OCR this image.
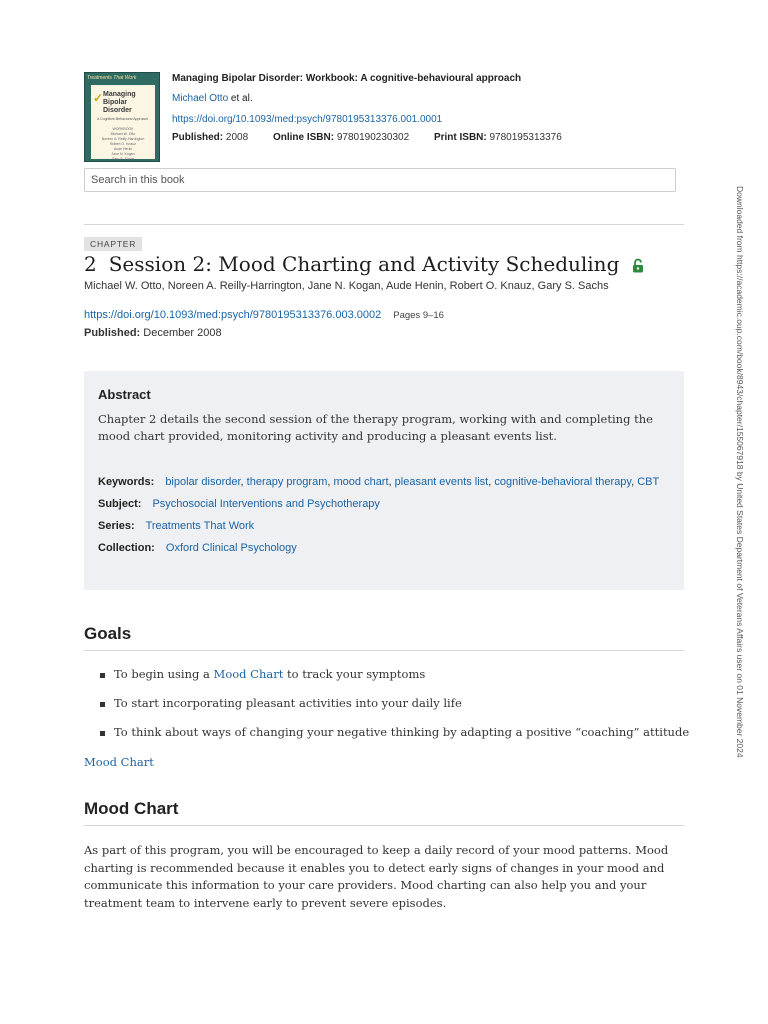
Treatments That Work
✓ Managing Bipolar Disorder
A Cognitive-Behavioral Approach
WORKBOOK
Michael W. Otto
Noreen A. Reilly-Harrington
Robert O. Knauz
Aude Henin
Jane N. Kogan
Gary S. Sachs
Managing Bipolar Disorder: Workbook: A cognitive-behavioural approach
Michael Otto et al.
https://doi.org/10.1093/med:psych/9780195313376.001.0001
Published: 2008 Online ISBN: 9780190230302 Print ISBN: 9780195313376
Search in this book
CHAPTER
2 Session 2: Mood Charting and Activity Scheduling
Michael W. Otto, Noreen A. Reilly-Harrington, Jane N. Kogan, Aude Henin, Robert O. Knauz, Gary S. Sachs
https://doi.org/10.1093/med:psych/9780195313376.003.0002 Pages 9–16
Published: December 2008
Abstract
Chapter 2 details the second session of the therapy program, working with and completing the mood chart provided, monitoring activity and producing a pleasant events list.
Keywords: bipolar disorder, therapy program, mood chart, pleasant events list, cognitive-behavioral therapy, CBT
Subject: Psychosocial Interventions and Psychotherapy
Series: Treatments That Work
Collection: Oxford Clinical Psychology
Goals
To begin using a Mood Chart to track your symptoms
To start incorporating pleasant activities into your daily life
To think about ways of changing your negative thinking by adapting a positive “coaching” attitude
Mood Chart
Mood Chart
As part of this program, you will be encouraged to keep a daily record of your mood patterns. Mood charting is recommended because it enables you to detect early signs of changes in your mood and communicate this information to your care providers. Mood charting can also help you and your treatment team to intervene early to prevent severe episodes.
Downloaded from https://academic.oup.com/book/8943/chapter/155067918 by United States Department of Veterans Affairs user on 01 November 2024
